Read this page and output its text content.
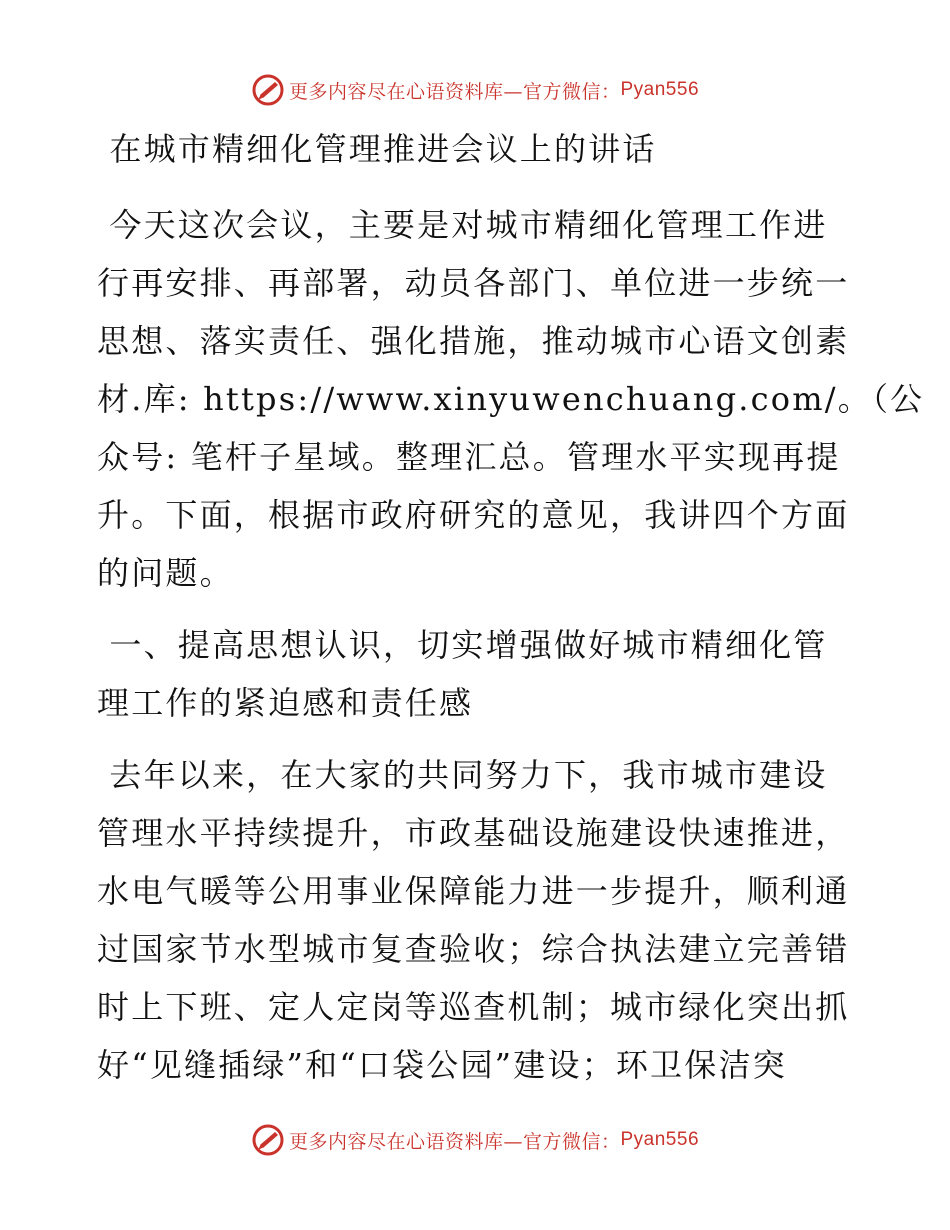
更多内容尽在心语资料库—官方微信： Pyan556
在城市精细化管理推进会议上的讲话
今天这次会议，主要是对城市精细化管理工作进
行再安排、再部署，动员各部门、单位进一步统一
思想、落实责任、强化措施，推动城市心语文创素
材.库: https://www.xinyuwenchuang.com/。（公
众号: 笔杆子星域。整理汇总。管理水平实现再提
升。下面，根据市政府研究的意见，我讲四个方面
的问题。
一、提高思想认识，切实增强做好城市精细化管
理工作的紧迫感和责任感
去年以来，在大家的共同努力下，我市城市建设
管理水平持续提升，市政基础设施建设快速推进，
水电气暖等公用事业保障能力进一步提升，顺利通
过国家节水型城市复查验收；综合执法建立完善错
时上下班、定人定岗等巡查机制；城市绿化突出抓
好“见缝插绿”和“口袋公园”建设；环卫保洁突
更多内容尽在心语资料库—官方微信： Pyan556
